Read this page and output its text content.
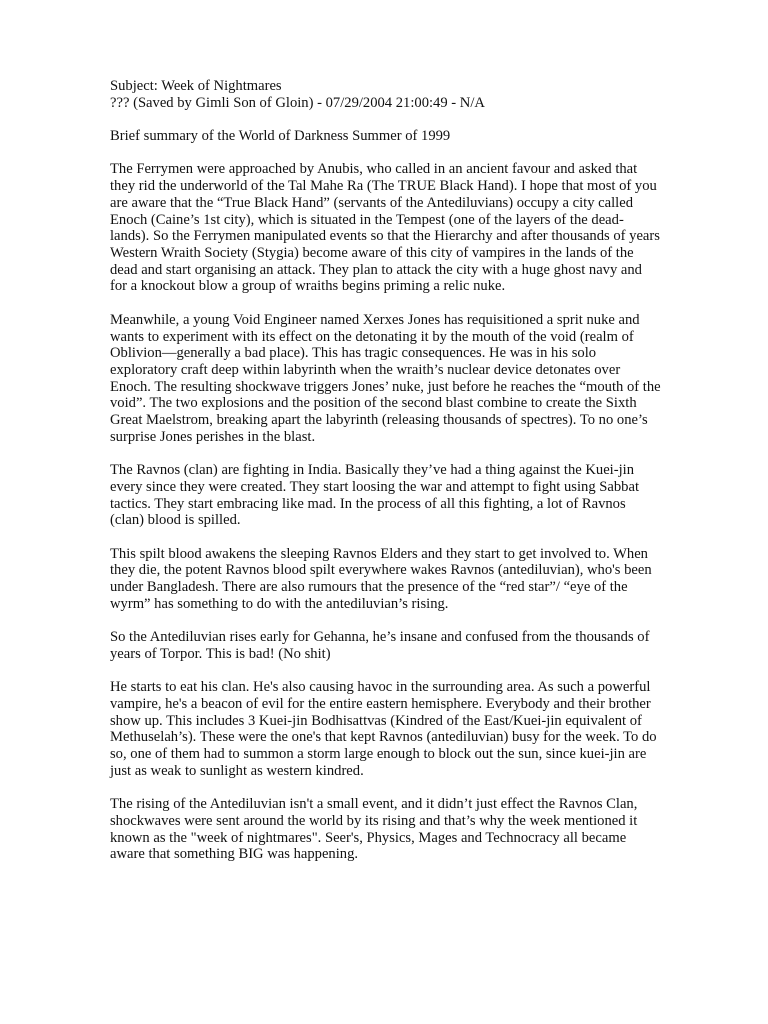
Subject: Week of Nightmares

??? (Saved by Gimli Son of Gloin) - 07/29/2004 21:00:49 - N/A

Brief summary of the World of Darkness Summer of 1999

The Ferrymen were approached by Anubis, who called in an ancient favour and asked that they rid the underworld of the Tal Mahe Ra (The TRUE Black Hand). I hope that most of you are aware that the “True Black Hand” (servants of the Antediluvians) occupy a city called Enoch (Caine’s 1st city), which is situated in the Tempest (one of the layers of the dead-lands). So the Ferrymen manipulated events so that the Hierarchy and after thousands of years Western Wraith Society (Stygia) become aware of this city of vampires in the lands of the dead and start organising an attack. They plan to attack the city with a huge ghost navy and for a knockout blow a group of wraiths begins priming a relic nuke.

Meanwhile, a young Void Engineer named Xerxes Jones has requisitioned a sprit nuke and wants to experiment with its effect on the detonating it by the mouth of the void (realm of Oblivion—generally a bad place). This has tragic consequences. He was in his solo exploratory craft deep within labyrinth when the wraith’s nuclear device detonates over Enoch. The resulting shockwave triggers Jones’ nuke, just before he reaches the “mouth of the void”. The two explosions and the position of the second blast combine to create the Sixth Great Maelstrom, breaking apart the labyrinth (releasing thousands of spectres). To no one’s surprise Jones perishes in the blast.

The Ravnos (clan) are fighting in India. Basically they’ve had a thing against the Kuei-jin every since they were created. They start loosing the war and attempt to fight using Sabbat tactics. They start embracing like mad. In the process of all this fighting, a lot of Ravnos (clan) blood is spilled.

This spilt blood awakens the sleeping Ravnos Elders and they start to get involved to. When they die, the potent Ravnos blood spilt everywhere wakes Ravnos (antediluvian), who's been under Bangladesh. There are also rumours that the presence of the “red star”/ “eye of the wyrm” has something to do with the antediluvian’s rising.

So the Antediluvian rises early for Gehanna, he’s insane and confused from the thousands of years of Torpor. This is bad! (No shit)

He starts to eat his clan. He's also causing havoc in the surrounding area. As such a powerful vampire, he's a beacon of evil for the entire eastern hemisphere. Everybody and their brother show up. This includes 3 Kuei-jin Bodhisattvas (Kindred of the East/Kuei-jin equivalent of Methuselah’s). These were the one's that kept Ravnos (antediluvian) busy for the week. To do so, one of them had to summon a storm large enough to block out the sun, since kuei-jin are just as weak to sunlight as western kindred.

The rising of the Antediluvian isn't a small event, and it didn’t just effect the Ravnos Clan, shockwaves were sent around the world by its rising and that’s why the week mentioned it known as the "week of nightmares". Seer's, Physics, Mages and Technocracy all became aware that something BIG was happening.
